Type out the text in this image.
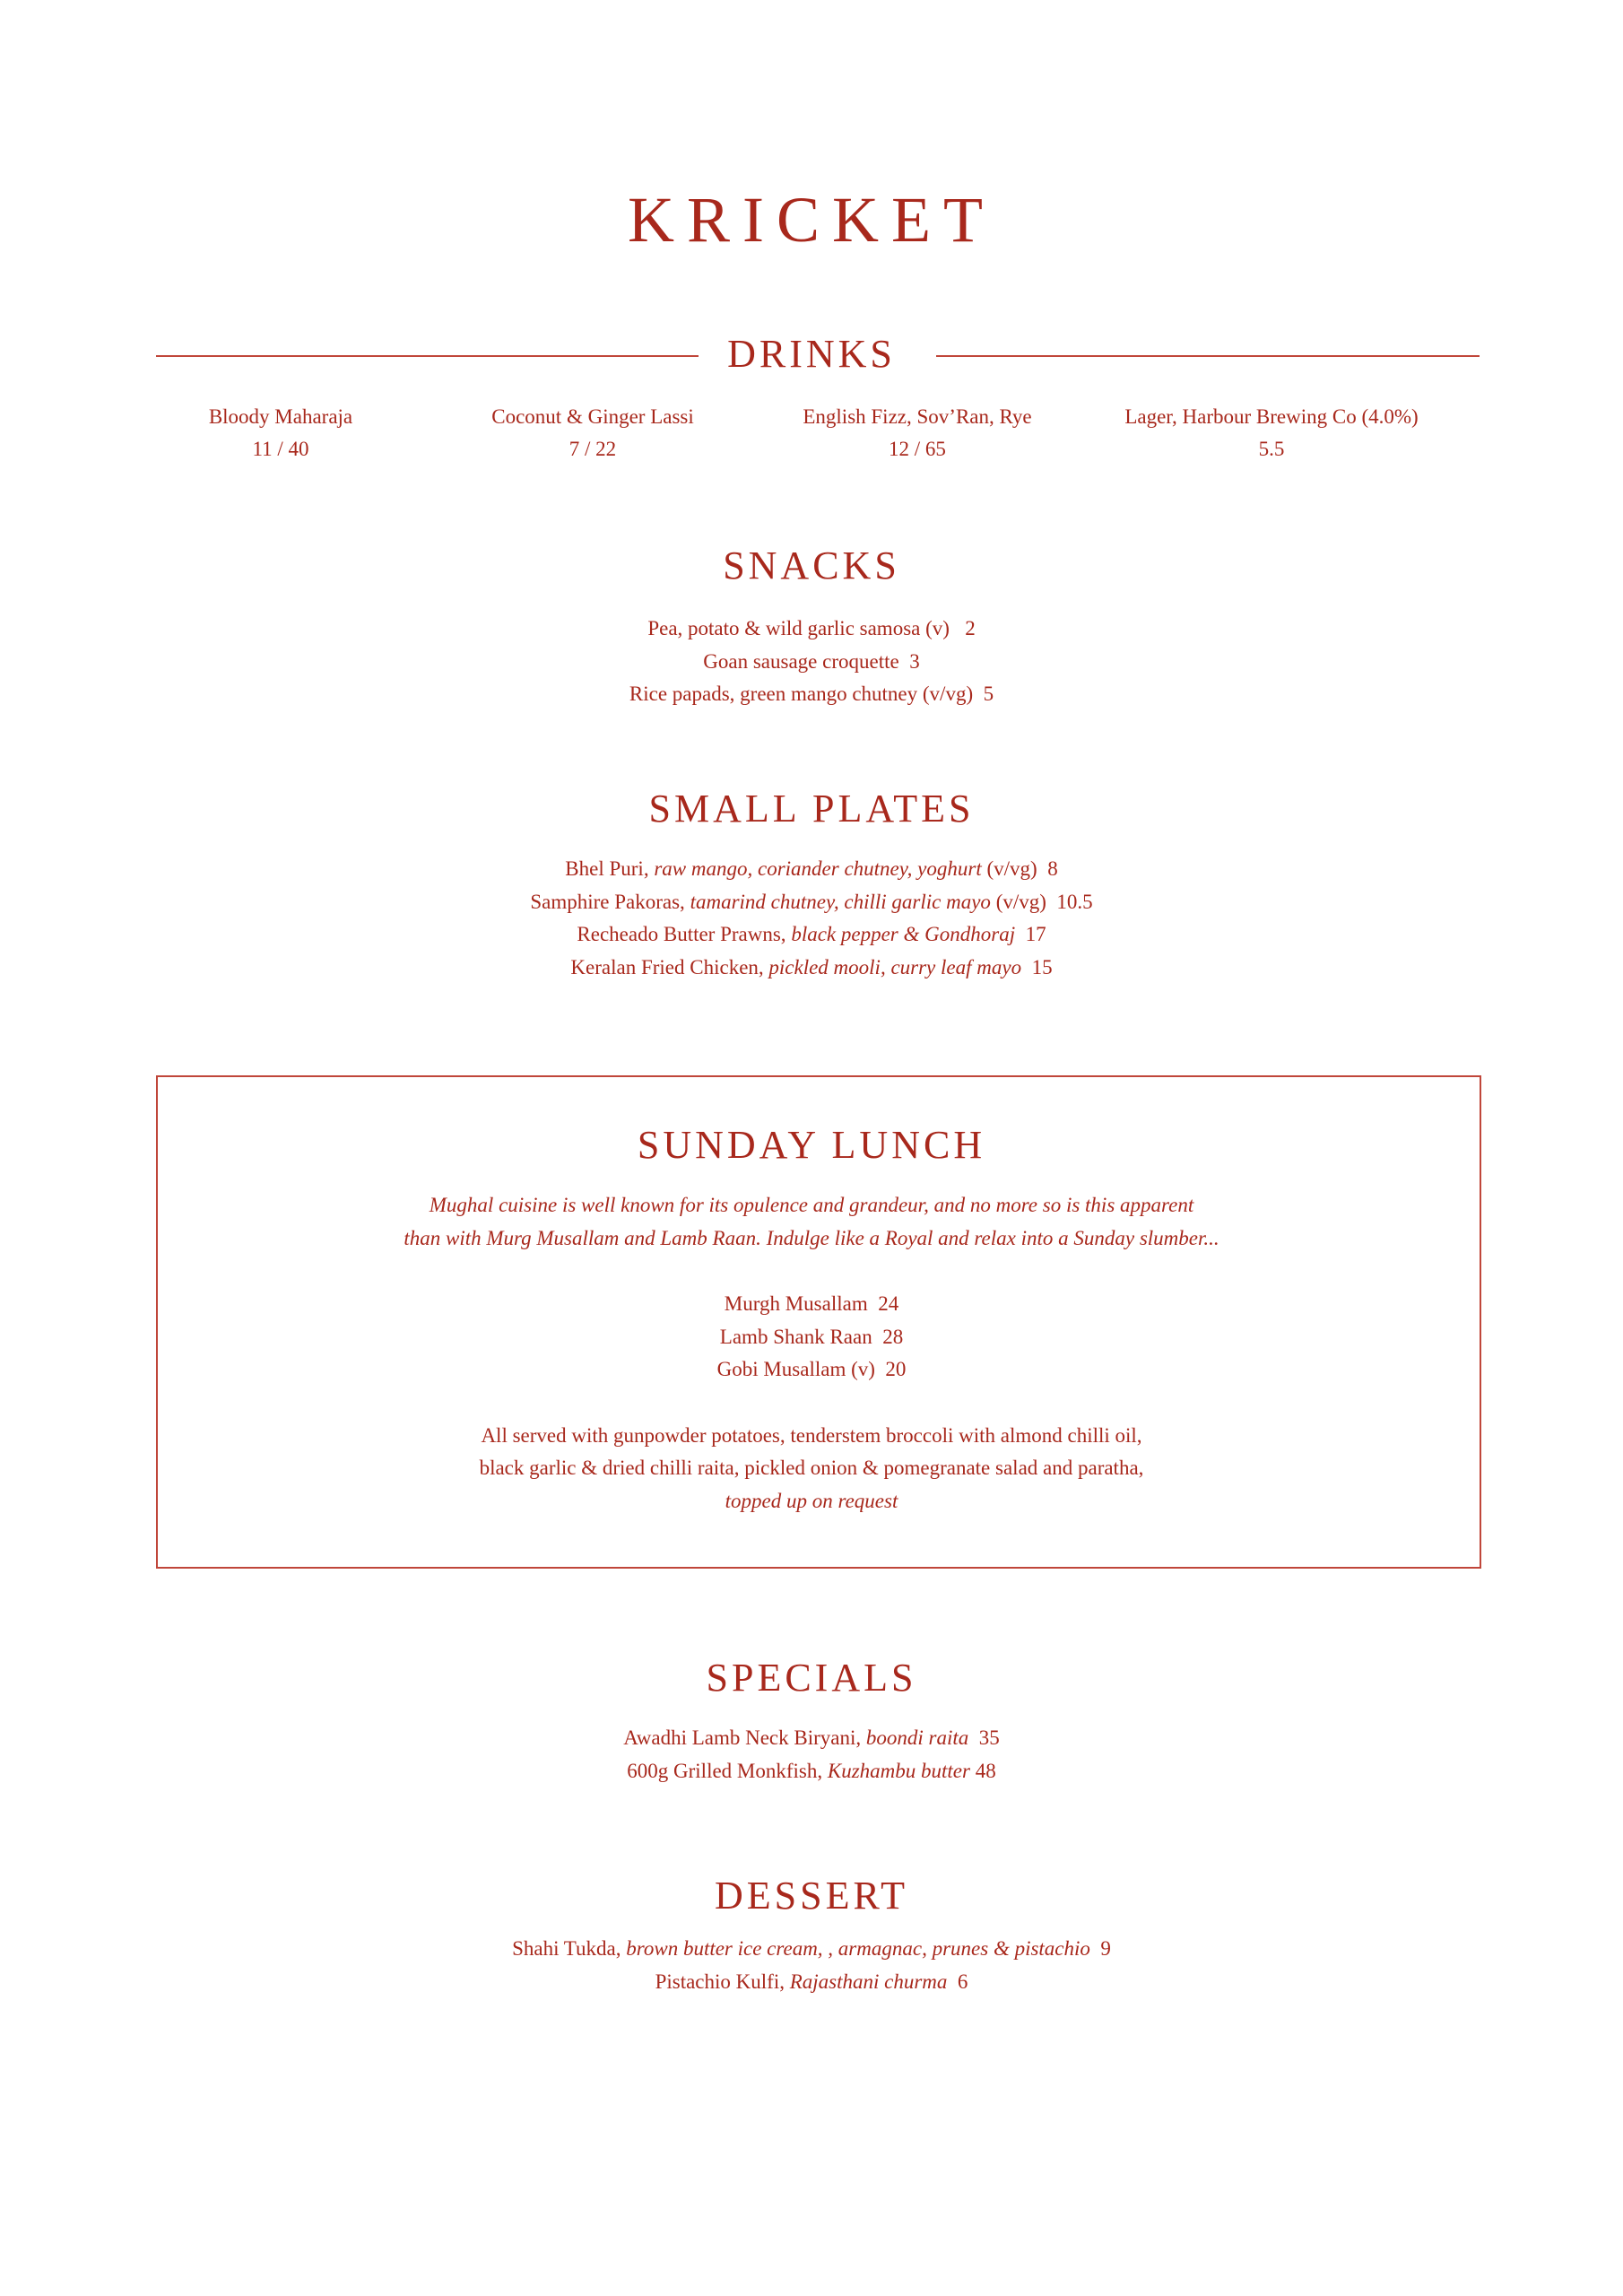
KRICKET
DRINKS
Bloody Maharaja
11 / 40
Coconut & Ginger Lassi
7 / 22
English Fizz, Sov’Ran, Rye
12 / 65
Lager, Harbour Brewing Co (4.0%)
5.5
SNACKS
Pea, potato & wild garlic samosa (v) 2
Goan sausage croquette 3
Rice papads, green mango chutney (v/vg) 5
SMALL PLATES
Bhel Puri, raw mango, coriander chutney, yoghurt (v/vg) 8
Samphire Pakoras, tamarind chutney, chilli garlic mayo (v/vg) 10.5
Recheado Butter Prawns, black pepper & Gondhoraj 17
Keralan Fried Chicken, pickled mooli, curry leaf mayo 15
SUNDAY LUNCH
Mughal cuisine is well known for its opulence and grandeur, and no more so is this apparent
than with Murg Musallam and Lamb Raan. Indulge like a Royal and relax into a Sunday slumber...
Murgh Musallam 24
Lamb Shank Raan 28
Gobi Musallam (v) 20
All served with gunpowder potatoes, tenderstem broccoli with almond chilli oil,
black garlic & dried chilli raita, pickled onion & pomegranate salad and paratha,
topped up on request
SPECIALS
Awadhi Lamb Neck Biryani, boondi raita 35
600g Grilled Monkfish, Kuzhambu butter 48
DESSERT
Shahi Tukda, brown butter ice cream, , armagnac, prunes & pistachio 9
Pistachio Kulfi, Rajasthani churma 6
